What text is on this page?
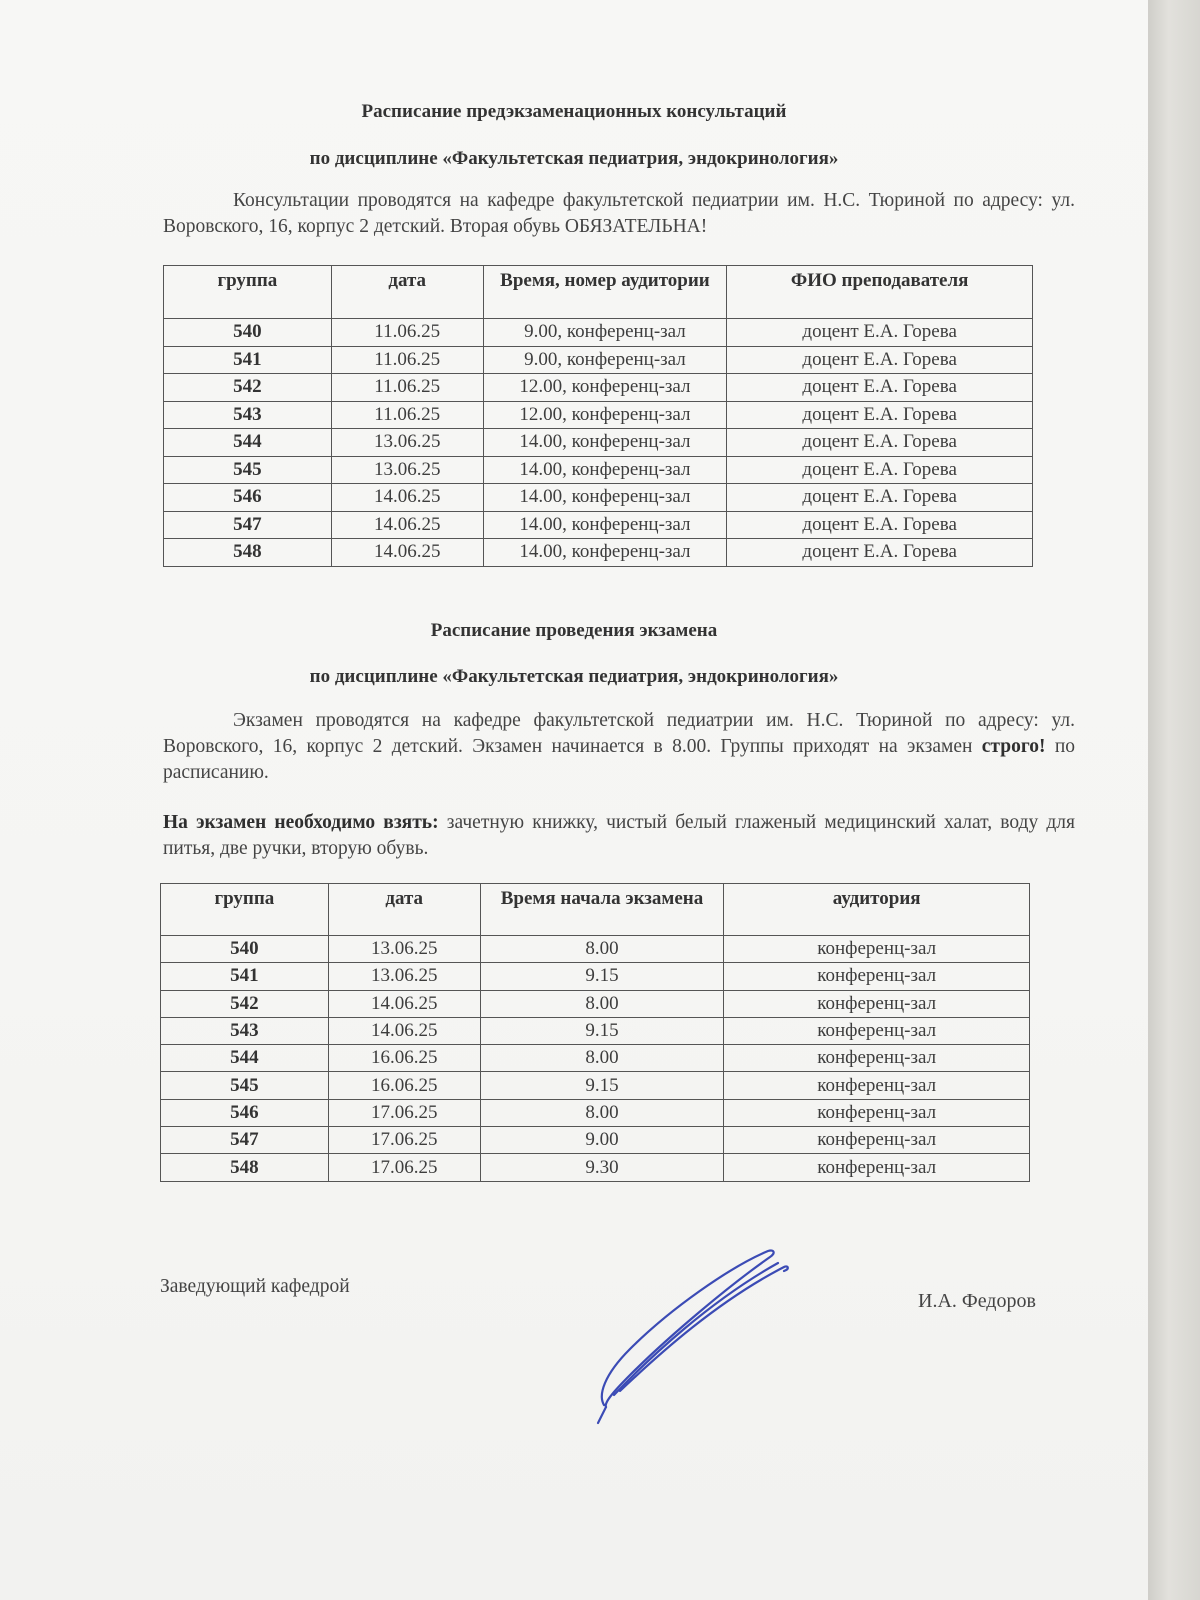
Расписание предэкзаменационных консультаций
по дисциплине «Факультетская педиатрия, эндокринология»
Консультации проводятся на кафедре факультетской педиатрии им. Н.С. Тюриной по адресу: ул. Воровского, 16, корпус 2 детский. Вторая обувь ОБЯЗАТЕЛЬНА!
группа	дата	Время, номер аудитории	ФИО преподавателя
540	11.06.25	9.00, конференц-зал	доцент Е.А. Горева
541	11.06.25	9.00, конференц-зал	доцент Е.А. Горева
542	11.06.25	12.00, конференц-зал	доцент Е.А. Горева
543	11.06.25	12.00, конференц-зал	доцент Е.А. Горева
544	13.06.25	14.00, конференц-зал	доцент Е.А. Горева
545	13.06.25	14.00, конференц-зал	доцент Е.А. Горева
546	14.06.25	14.00, конференц-зал	доцент Е.А. Горева
547	14.06.25	14.00, конференц-зал	доцент Е.А. Горева
548	14.06.25	14.00, конференц-зал	доцент Е.А. Горева
Расписание проведения экзамена
по дисциплине «Факультетская педиатрия, эндокринология»
Экзамен проводятся на кафедре факультетской педиатрии им. Н.С. Тюриной по адресу: ул. Воровского, 16, корпус 2 детский. Экзамен начинается в 8.00. Группы приходят на экзамен строго! по расписанию.
На экзамен необходимо взять: зачетную книжку, чистый белый глаженый медицинский халат, воду для питья, две ручки, вторую обувь.
группа	дата	Время начала экзамена	аудитория
540	13.06.25	8.00	конференц-зал
541	13.06.25	9.15	конференц-зал
542	14.06.25	8.00	конференц-зал
543	14.06.25	9.15	конференц-зал
544	16.06.25	8.00	конференц-зал
545	16.06.25	9.15	конференц-зал
546	17.06.25	8.00	конференц-зал
547	17.06.25	9.00	конференц-зал
548	17.06.25	9.30	конференц-зал
Заведующий кафедрой
И.А. Федоров
